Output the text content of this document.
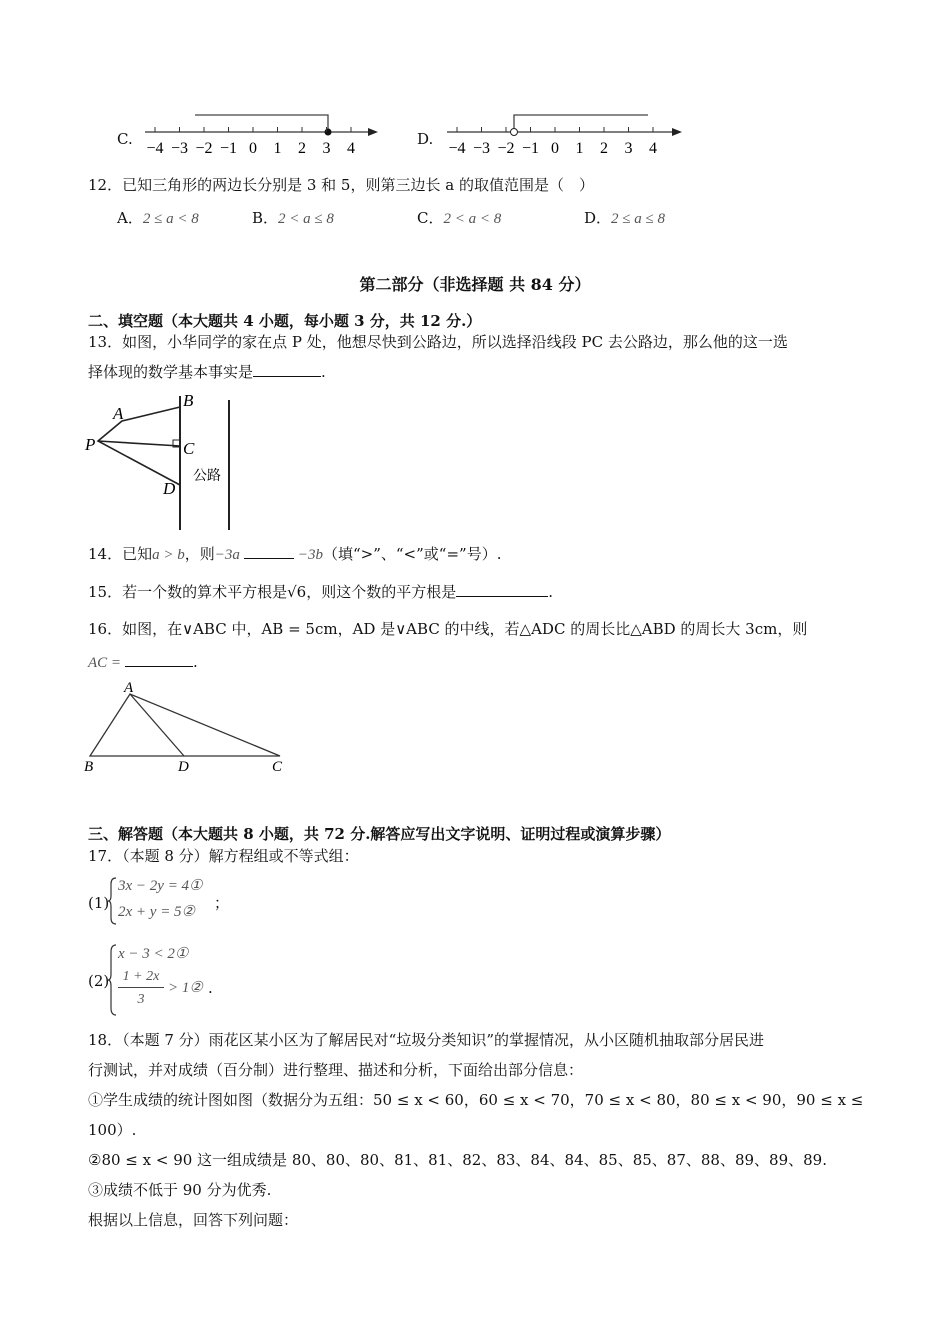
C.
−4 −3 −2 −1 0 1 2 3 4
D.
−4 −3 −2 −1 0 1 2 3 4
12．已知三角形的两边长分别是 3 和 5，则第三边长 a 的取值范围是（　）
A．2 ≤ a < 8	B．2 < a ≤ 8	C．2 < a < 8	D．2 ≤ a ≤ 8
第二部分（非选择题 共 84 分）
二、填空题（本大题共 4 小题，每小题 3 分，共 12 分.）
13．如图，小华同学的家在点 P 处，他想尽快到公路边，所以选择沿线段 PC 去公路边，那么他的这一选
择体现的数学基本事实是	.
B
A
P	C
D
公路
14．已知a > b，则−3a	−3b（填“>”、“<”或“=”号）.
15．若一个数的算术平方根是√6，则这个数的平方根是	.
16．如图，在∨ABC 中，AB = 5cm，AD 是∨ABC 的中线，若△ADC 的周长比△ABD 的周长大 3cm，则
AC =	.
A
B	D	C
三、解答题（本大题共 8 小题，共 72 分.解答应写出文字说明、证明过程或演算步骤）
17．（本题 8 分）解方程组或不等式组：
(1)
3x − 2y = 4①
2x + y = 5② ；
(2)
x − 3 < 2①
1 + 2x
3
> 1② .
18．（本题 7 分）雨花区某小区为了解居民对“垃圾分类知识”的掌握情况，从小区随机抽取部分居民进
行测试，并对成绩（百分制）进行整理、描述和分析，下面给出部分信息：
①学生成绩的统计图如图（数据分为五组：50 ≤ x < 60，60 ≤ x < 70，70 ≤ x < 80，80 ≤ x < 90，90 ≤ x ≤ 100）.
②80 ≤ x < 90 这一组成绩是 80、80、80、81、81、82、83、84、84、85、85、87、88、89、89、89.
③成绩不低于 90 分为优秀.
根据以上信息，回答下列问题：
